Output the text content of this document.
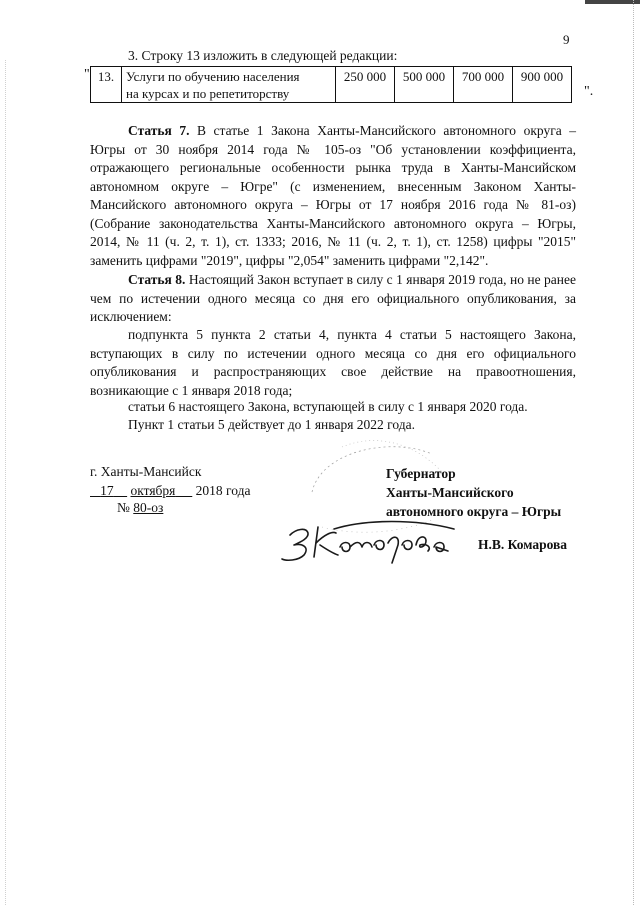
9
3. Строку 13 изложить в следующей редакции:
" 13.	Услуги по обучению населения
на курсах и по репетиторству	250 000	500 000	700 000	900 000
".
Статья 7. В статье 1 Закона Ханты-Мансийского автономного округа – Югры от 30 ноября 2014 года № 105-оз "Об установлении коэффициента, отражающего региональные особенности рынка труда в Ханты-Мансийском автономном округе – Югре" (с изменением, внесенным Законом Ханты-Мансийского автономного округа – Югры от 17 ноября 2016 года № 81-оз) (Собрание законодательства Ханты-Мансийского автономного округа – Югры, 2014, № 11 (ч. 2, т. 1), ст. 1333; 2016, № 11 (ч. 2, т. 1), ст. 1258) цифры "2015" заменить цифрами "2019", цифры "2,054" заменить цифрами "2,142".
Статья 8. Настоящий Закон вступает в силу с 1 января 2019 года, но не ранее чем по истечении одного месяца со дня его официального опубликования, за исключением:
подпункта 5 пункта 2 статьи 4, пункта 4 статьи 5 настоящего Закона, вступающих в силу по истечении одного месяца со дня его официального опубликования и распространяющих свое действие на правоотношения, возникающие с 1 января 2018 года;
статьи 6 настоящего Закона, вступающей в силу с 1 января 2020 года.
Пункт 1 статьи 5 действует до 1 января 2022 года.
г. Ханты-Мансийск
17 октября 2018 года
№ 80-оз
Губернатор
Ханты-Мансийского
автономного округа – Югры
Н.В. Комарова
